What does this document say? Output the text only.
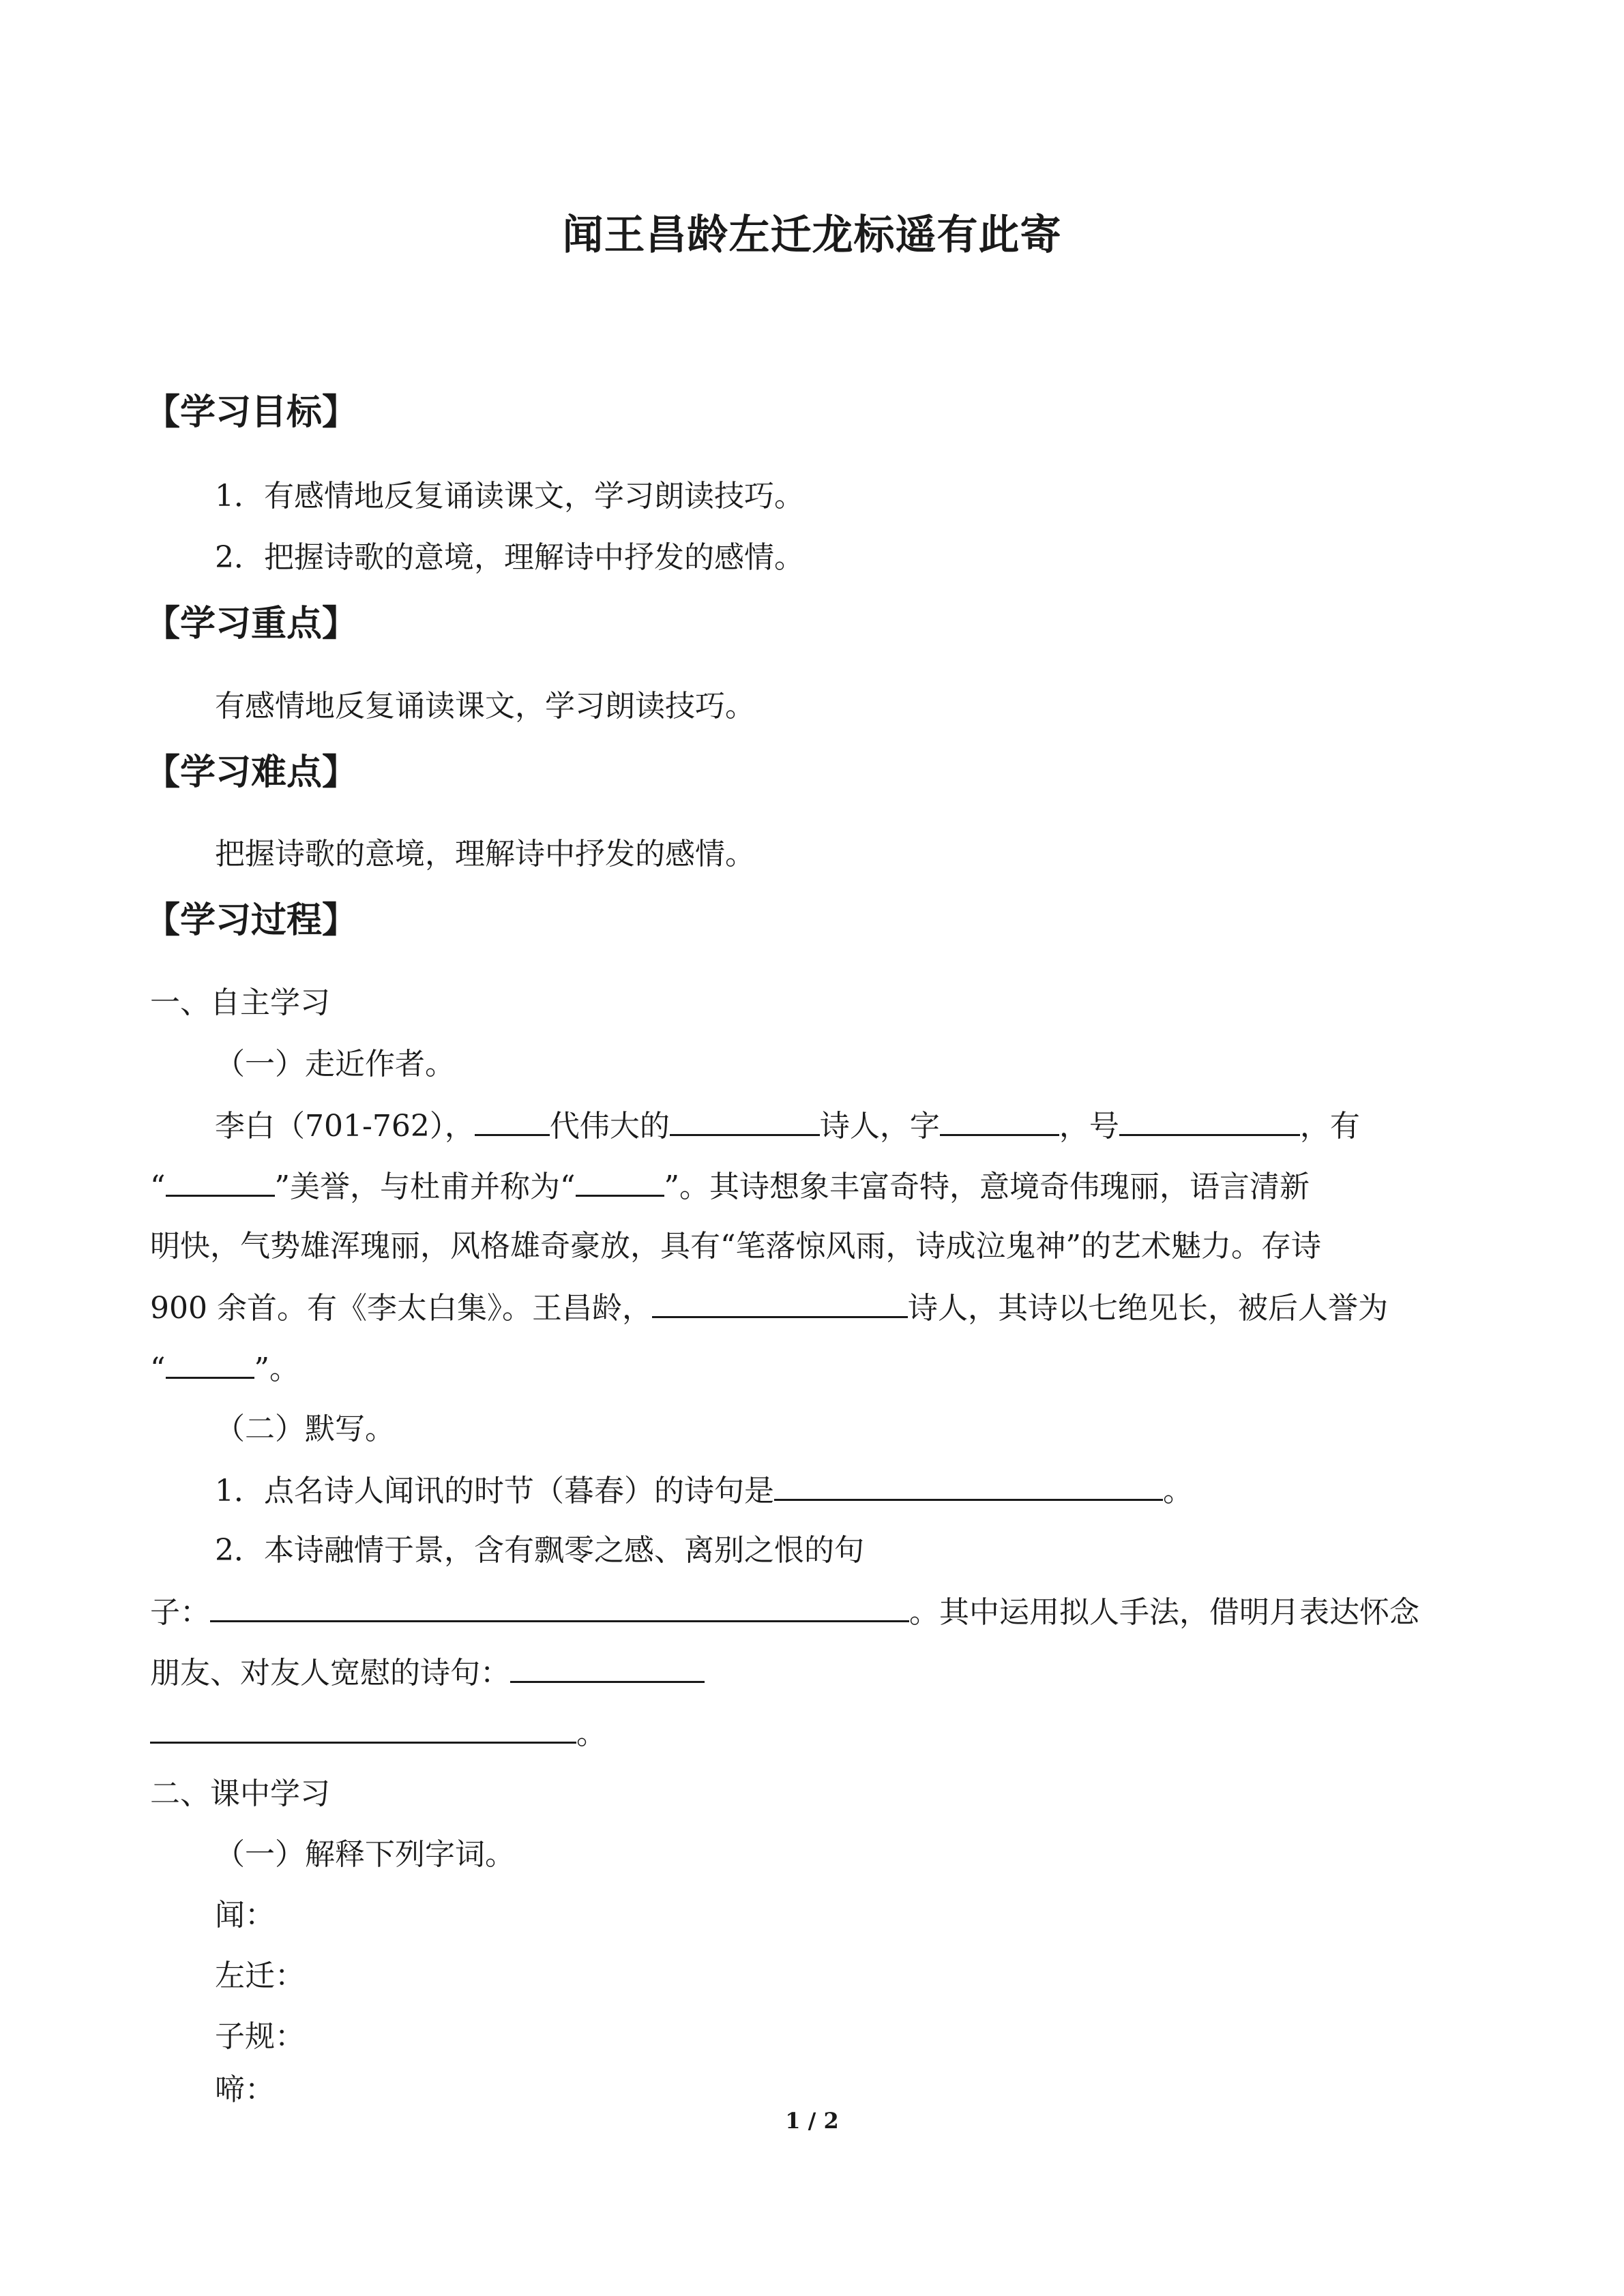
闻王昌龄左迁龙标遥有此寄
【学习目标】
1．有感情地反复诵读课文，学习朗读技巧。
2．把握诗歌的意境，理解诗中抒发的感情。
【学习重点】
有感情地反复诵读课文，学习朗读技巧。
【学习难点】
把握诗歌的意境，理解诗中抒发的感情。
【学习过程】
一、自主学习
（一）走近作者。
李白（701-762），	代伟大的	诗人，字	，号	，有
“	”美誉，与杜甫并称为“	”。其诗想象丰富奇特，意境奇伟瑰丽，语言清新
明快，气势雄浑瑰丽，风格雄奇豪放，具有“笔落惊风雨，诗成泣鬼神”的艺术魅力。存诗
900 余首。有《李太白集》。王昌龄，	诗人，其诗以七绝见长，被后人誉为
“	”。
（二）默写。
1．点名诗人闻讯的时节（暮春）的诗句是	。
2．本诗融情于景，含有飘零之感、离别之恨的句
子：	。其中运用拟人手法，借明月表达怀念
朋友、对友人宽慰的诗句：
。
二、课中学习
（一）解释下列字词。
闻：
左迁：
子规：
啼：
1 / 2
